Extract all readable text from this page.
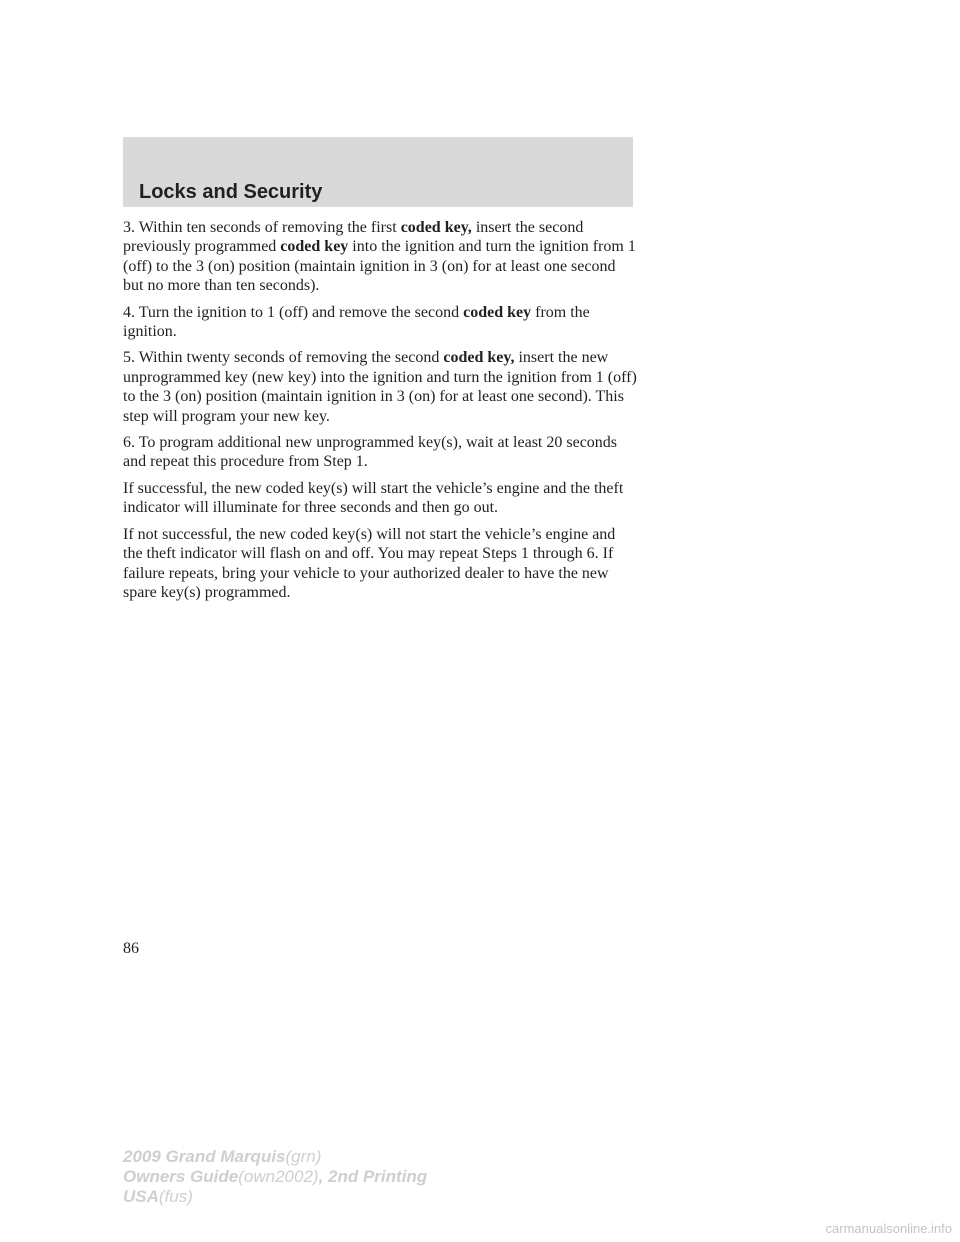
Locks and Security

3. Within ten seconds of removing the first coded key, insert the second previously programmed coded key into the ignition and turn the ignition from 1 (off) to the 3 (on) position (maintain ignition in 3 (on) for at least one second but no more than ten seconds).

4. Turn the ignition to 1 (off) and remove the second coded key from the ignition.

5. Within twenty seconds of removing the second coded key, insert the new unprogrammed key (new key) into the ignition and turn the ignition from 1 (off) to the 3 (on) position (maintain ignition in 3 (on) for at least one second). This step will program your new key.

6. To program additional new unprogrammed key(s), wait at least 20 seconds and repeat this procedure from Step 1.

If successful, the new coded key(s) will start the vehicle’s engine and the theft indicator will illuminate for three seconds and then go out.

If not successful, the new coded key(s) will not start the vehicle’s engine and the theft indicator will flash on and off. You may repeat Steps 1 through 6. If failure repeats, bring your vehicle to your authorized dealer to have the new spare key(s) programmed.

86
2009 Grand Marquis(grn)
Owners Guide(own2002), 2nd Printing
USA(fus)
carmanualsonline.info
